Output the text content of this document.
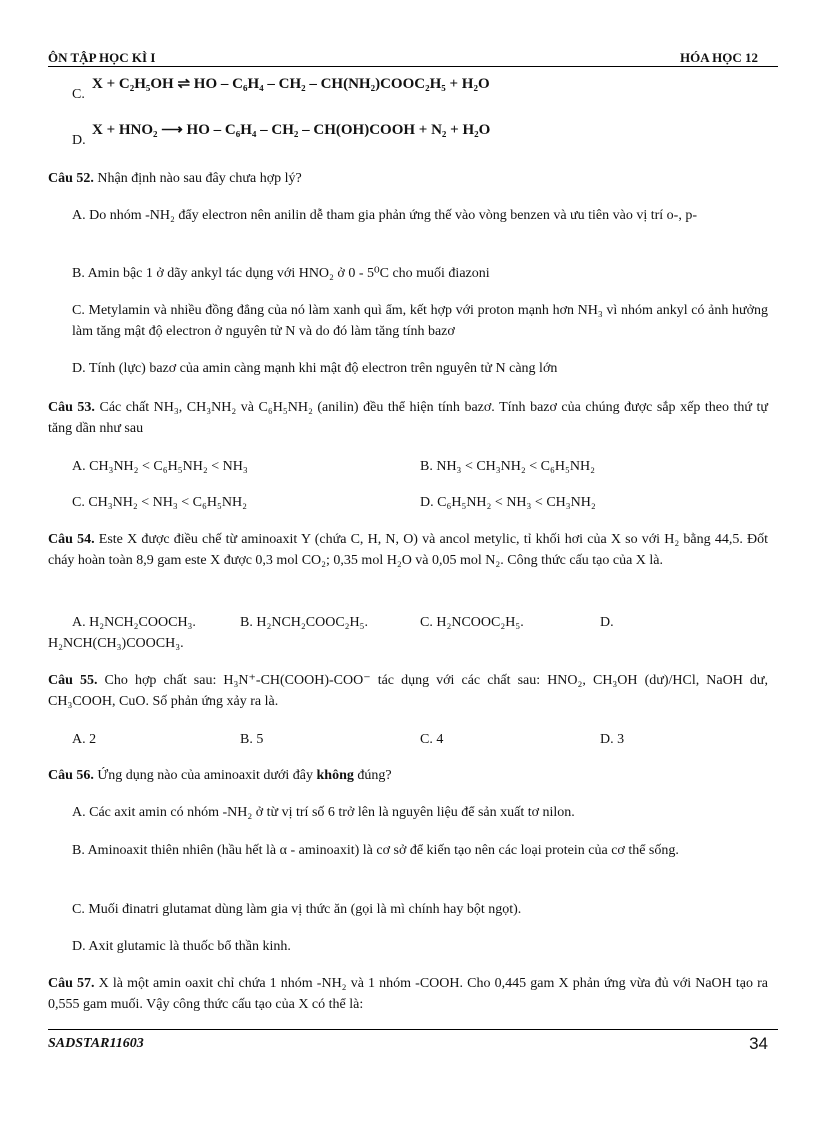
ÔN TẬP HỌC KÌ I	HÓA HỌC 12
C.
X + C₂H₅OH ⇌ HO – C₆H₄ – CH₂ – CH(NH₂)COOC₂H₅ + H₂O
D.
X + HNO₂ ⟶ HO – C₆H₄ – CH₂ – CH(OH)COOH + N₂ + H₂O
Câu 52. Nhận định nào sau đây chưa hợp lý?
A. Do nhóm -NH₂ đẩy electron nên anilin dễ tham gia phản ứng thế vào vòng benzen và ưu tiên vào vị trí o-, p-
B. Amin bậc 1 ở dãy ankyl tác dụng với HNO₂ ở 0 - 5⁰C cho muối điazoni
C. Metylamin và nhiều đồng đẳng của nó làm xanh quì ẩm, kết hợp với proton mạnh hơn NH₃ vì nhóm ankyl có ảnh hưởng làm tăng mật độ electron ở nguyên tử N và do đó làm tăng tính bazơ
D. Tính (lực) bazơ của amin càng mạnh khi mật độ electron trên nguyên tử N càng lớn
Câu 53. Các chất NH₃, CH₃NH₂ và C₆H₅NH₂ (anilin) đều thể hiện tính bazơ. Tính bazơ của chúng được sắp xếp theo thứ tự tăng dần như sau
A. CH₃NH₂ < C₆H₅NH₂ < NH₃	B. NH₃ < CH₃NH₂ < C₆H₅NH₂
C. CH₃NH₂ < NH₃ < C₆H₅NH₂	D. C₆H₅NH₂ < NH₃ < CH₃NH₂
Câu 54. Este X được điều chế từ aminoaxit Y (chứa C, H, N, O) và ancol metylic, tỉ khối hơi của X so với H₂ bằng 44,5. Đốt cháy hoàn toàn 8,9 gam este X được 0,3 mol CO₂; 0,35 mol H₂O và 0,05 mol N₂. Công thức cấu tạo của X là.
A. H₂NCH₂COOCH₃.	B. H₂NCH₂COOC₂H₅.	C. H₂NCOOC₂H₅.	D.
H₂NCH(CH₃)COOCH₃.
Câu 55. Cho hợp chất sau: H₃N⁺-CH(COOH)-COO⁻ tác dụng với các chất sau: HNO₂, CH₃OH (dư)/HCl, NaOH dư, CH₃COOH, CuO. Số phản ứng xảy ra là.
A. 2	B. 5	C. 4	D. 3
Câu 56. Ứng dụng nào của aminoaxit dưới đây không đúng?
A. Các axit amin có nhóm -NH₂ ở từ vị trí số 6 trở lên là nguyên liệu để sản xuất tơ nilon.
B. Aminoaxit thiên nhiên (hầu hết là α - aminoaxit) là cơ sở để kiến tạo nên các loại protein của cơ thể sống.
C. Muối đinatri glutamat dùng làm gia vị thức ăn (gọi là mì chính hay bột ngọt).
D. Axit glutamic là thuốc bổ thần kinh.
Câu 57. X là một amin oaxit chỉ chứa 1 nhóm -NH₂ và 1 nhóm -COOH. Cho 0,445 gam X phản ứng vừa đủ với NaOH tạo ra 0,555 gam muối. Vậy công thức cấu tạo của X có thể là:
SADSTAR11603	34
